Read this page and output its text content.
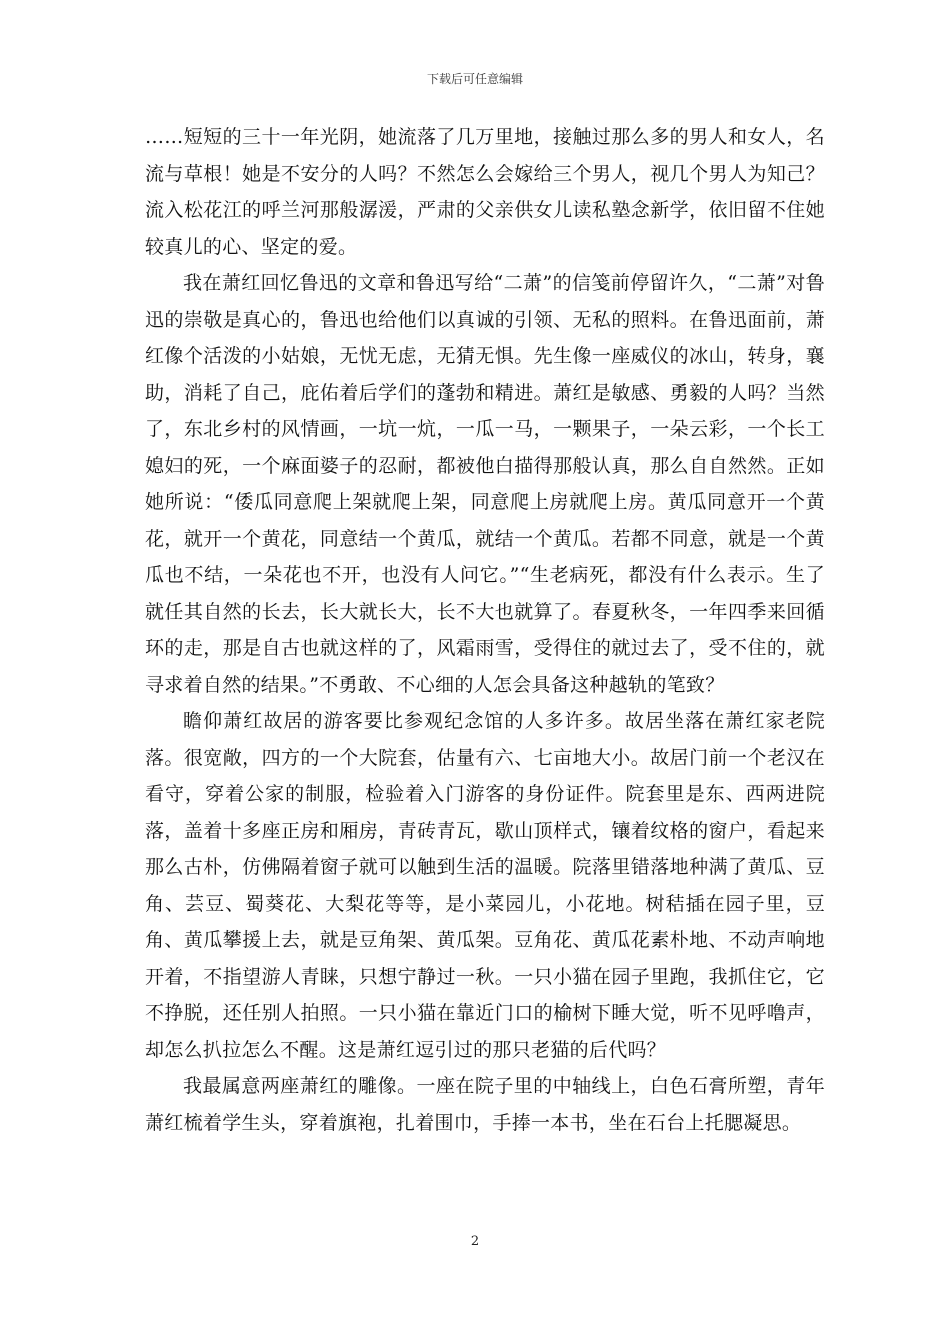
下载后可任意编辑

……短短的三十一年光阴，她流落了几万里地，接触过那么多的男人和女人，名流与草根！她是不安分的人吗？不然怎么会嫁给三个男人，视几个男人为知己？流入松花江的呼兰河那般潺湲，严肃的父亲供女儿读私塾念新学，依旧留不住她较真儿的心、坚定的爱。

我在萧红回忆鲁迅的文章和鲁迅写给“二萧”的信笺前停留许久，“二萧”对鲁迅的崇敬是真心的，鲁迅也给他们以真诚的引领、无私的照料。在鲁迅面前，萧红像个活泼的小姑娘，无忧无虑，无猜无惧。先生像一座威仪的冰山，转身，襄助，消耗了自己，庇佑着后学们的蓬勃和精进。萧红是敏感、勇毅的人吗？当然了，东北乡村的风情画，一坑一炕，一瓜一马，一颗果子，一朵云彩，一个长工媳妇的死，一个麻面婆子的忍耐，都被他白描得那般认真，那么自自然然。正如她所说：“倭瓜同意爬上架就爬上架，同意爬上房就爬上房。黄瓜同意开一个黄花，就开一个黄花，同意结一个黄瓜，就结一个黄瓜。若都不同意，就是一个黄瓜也不结，一朵花也不开，也没有人问它。”“生老病死，都没有什么表示。生了就任其自然的长去，长大就长大，长不大也就算了。春夏秋冬，一年四季来回循环的走，那是自古也就这样的了，风霜雨雪，受得住的就过去了，受不住的，就寻求着自然的结果。”不勇敢、不心细的人怎会具备这种越轨的笔致？

瞻仰萧红故居的游客要比参观纪念馆的人多许多。故居坐落在萧红家老院落。很宽敞，四方的一个大院套，估量有六、七亩地大小。故居门前一个老汉在看守，穿着公家的制服，检验着入门游客的身份证件。院套里是东、西两进院落，盖着十多座正房和厢房，青砖青瓦，歇山顶样式，镶着纹格的窗户，看起来那么古朴，仿佛隔着窗子就可以触到生活的温暖。院落里错落地种满了黄瓜、豆角、芸豆、蜀葵花、大梨花等等，是小菜园儿，小花地。树秸插在园子里，豆角、黄瓜攀援上去，就是豆角架、黄瓜架。豆角花、黄瓜花素朴地、不动声响地开着，不指望游人青睐，只想宁静过一秋。一只小猫在园子里跑，我抓住它，它不挣脱，还任别人拍照。一只小猫在靠近门口的榆树下睡大觉，听不见呼噜声，却怎么扒拉怎么不醒。这是萧红逗引过的那只老猫的后代吗？

我最属意两座萧红的雕像。一座在院子里的中轴线上，白色石膏所塑，青年萧红梳着学生头，穿着旗袍，扎着围巾，手捧一本书，坐在石台上托腮凝思。

2
